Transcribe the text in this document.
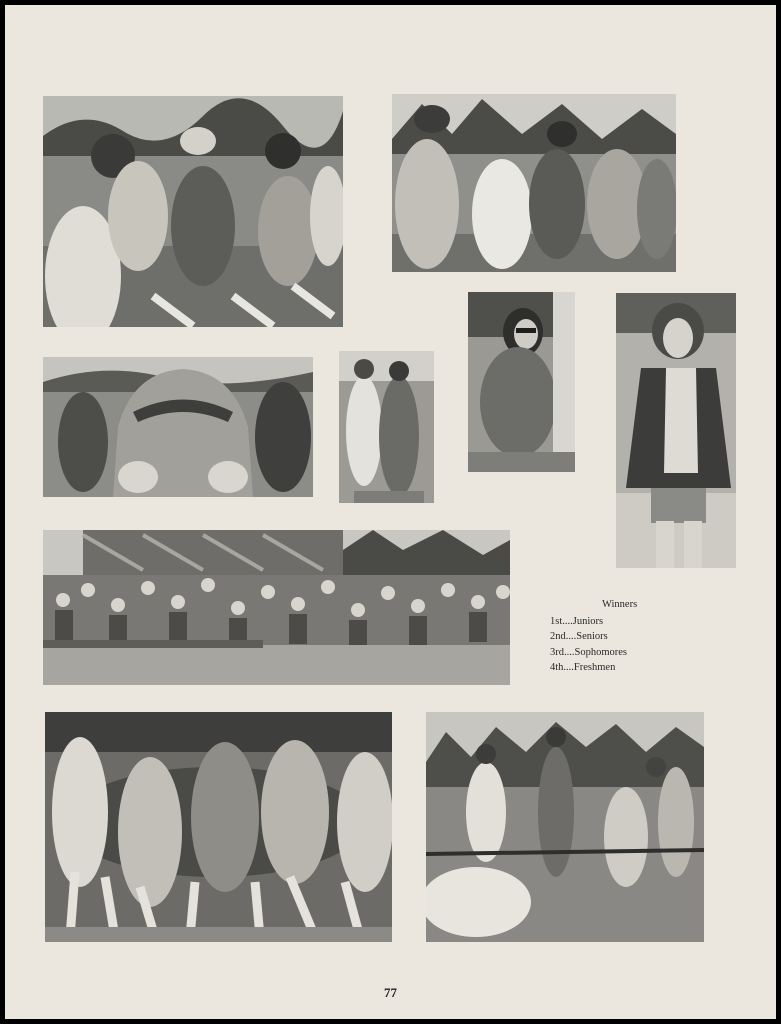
Winners
1st....Juniors
2nd....Seniors
3rd....Sophomores
4th....Freshmen
77
